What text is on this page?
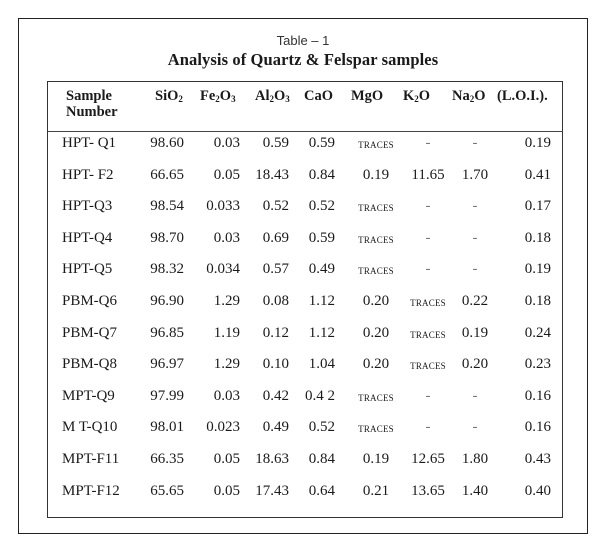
Table – 1
Analysis of Quartz & Felspar samples
Sample
Number
SiO$_2$ $Fe_2O_3$ $Al_2O_3$ CaO MgO $K_2O$ $Na_2O$ (L.O.I.).
HPT- Q1 98.60 0.03 0.59 0.59	TRACES -	-	0.19
HPT- F2 66.65 0.05 18.43 0.84 0.19 11.65 1.70 0.41
HPT-Q3	98.54 0.033 0.52 0.52	TRACES -	-	0.17
HPT-Q4	98.70 0.03 0.69 0.59	TRACES -	-	0.18
HPT-Q5	98.32 0.034 0.57 0.49	TRACES -	-	0.19
PBM-Q6 96.90 1.29 0.08 1.12 0.20 TRACES 0.22 0.18
PBM-Q7 96.85 1.19 0.12 1.12 0.20 TRACES 0.19 0.24
PBM-Q8 96.97 1.29 0.10 1.04 0.20 TRACES 0.20 0.23
MPT-Q9 97.99 0.03 0.42 0.4 2	TRACES -	-	0.16
M T-Q10 98.01 0.023 0.49 0.52	TRACES -	-	0.16
MPT-F11 66.35 0.05 18.63 0.84 0.19 12.65 1.80 0.43
MPT-F12 65.65 0.05 17.43 0.64 0.21 13.65 1.40 0.40
